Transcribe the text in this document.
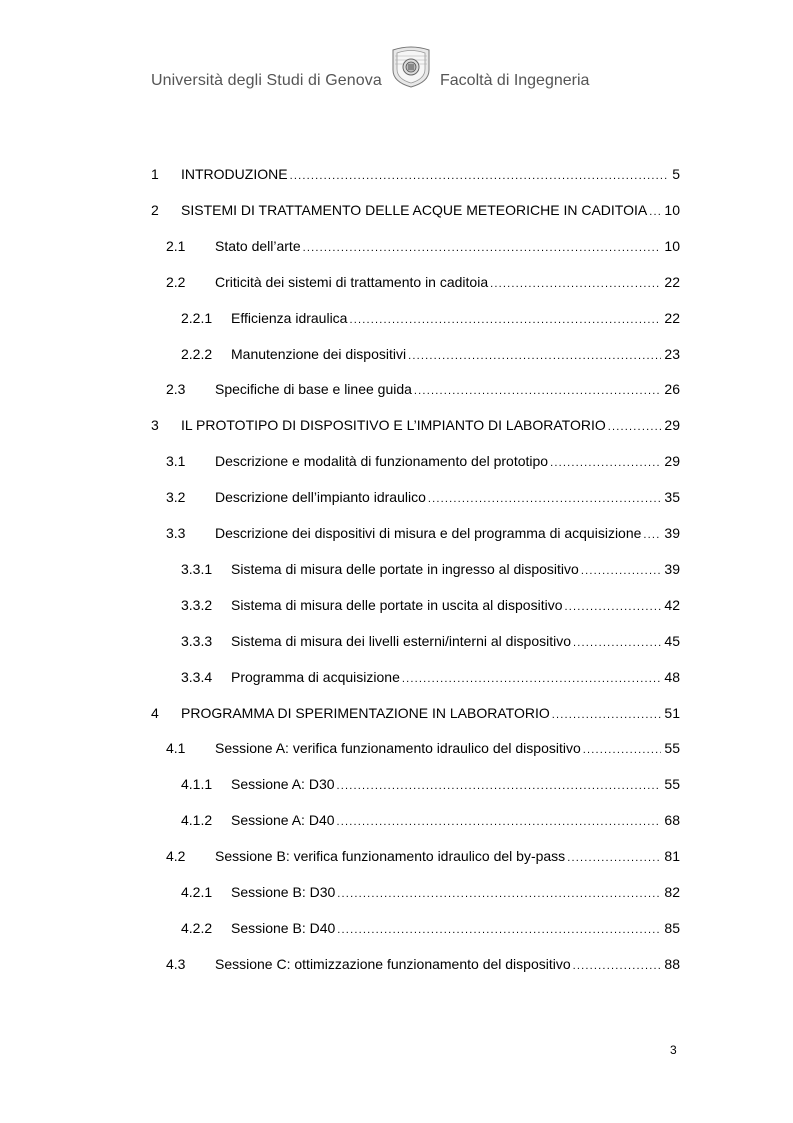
Università degli Studi di Genova	Facoltà di Ingegneria
1 INTRODUZIONE .....	5
2 SISTEMI DI TRATTAMENTO DELLE ACQUE METEORICHE IN CADITOIA ..... 10
2.1 Stato dell’arte .....	10
2.2 Criticità dei sistemi di trattamento in caditoia .....	22
2.2.1 Efficienza idraulica .....	22
2.2.2 Manutenzione dei dispositivi .....	23
2.3 Specifiche di base e linee guida .....	26
3 IL PROTOTIPO DI DISPOSITIVO E L’IMPIANTO DI LABORATORIO .....	29
3.1 Descrizione e modalità di funzionamento del prototipo .....	29
3.2 Descrizione dell’impianto idraulico .....	35
3.3 Descrizione dei dispositivi di misura e del programma di acquisizione ..... 39
3.3.1 Sistema di misura delle portate in ingresso al dispositivo .....	39
3.3.2 Sistema di misura delle portate in uscita al dispositivo .....	42
3.3.3 Sistema di misura dei livelli esterni/interni al dispositivo .....	45
3.3.4 Programma di acquisizione .....	48
4 PROGRAMMA DI SPERIMENTAZIONE IN LABORATORIO .....	51
4.1 Sessione A: verifica funzionamento idraulico del dispositivo .....	55
4.1.1 Sessione A: D30 .....	55
4.1.2 Sessione A: D40 .....	68
4.2 Sessione B: verifica funzionamento idraulico del by-pass .....	81
4.2.1 Sessione B: D30 .....	82
4.2.2 Sessione B: D40 .....	85
4.3 Sessione C: ottimizzazione funzionamento del dispositivo .....	88
3
